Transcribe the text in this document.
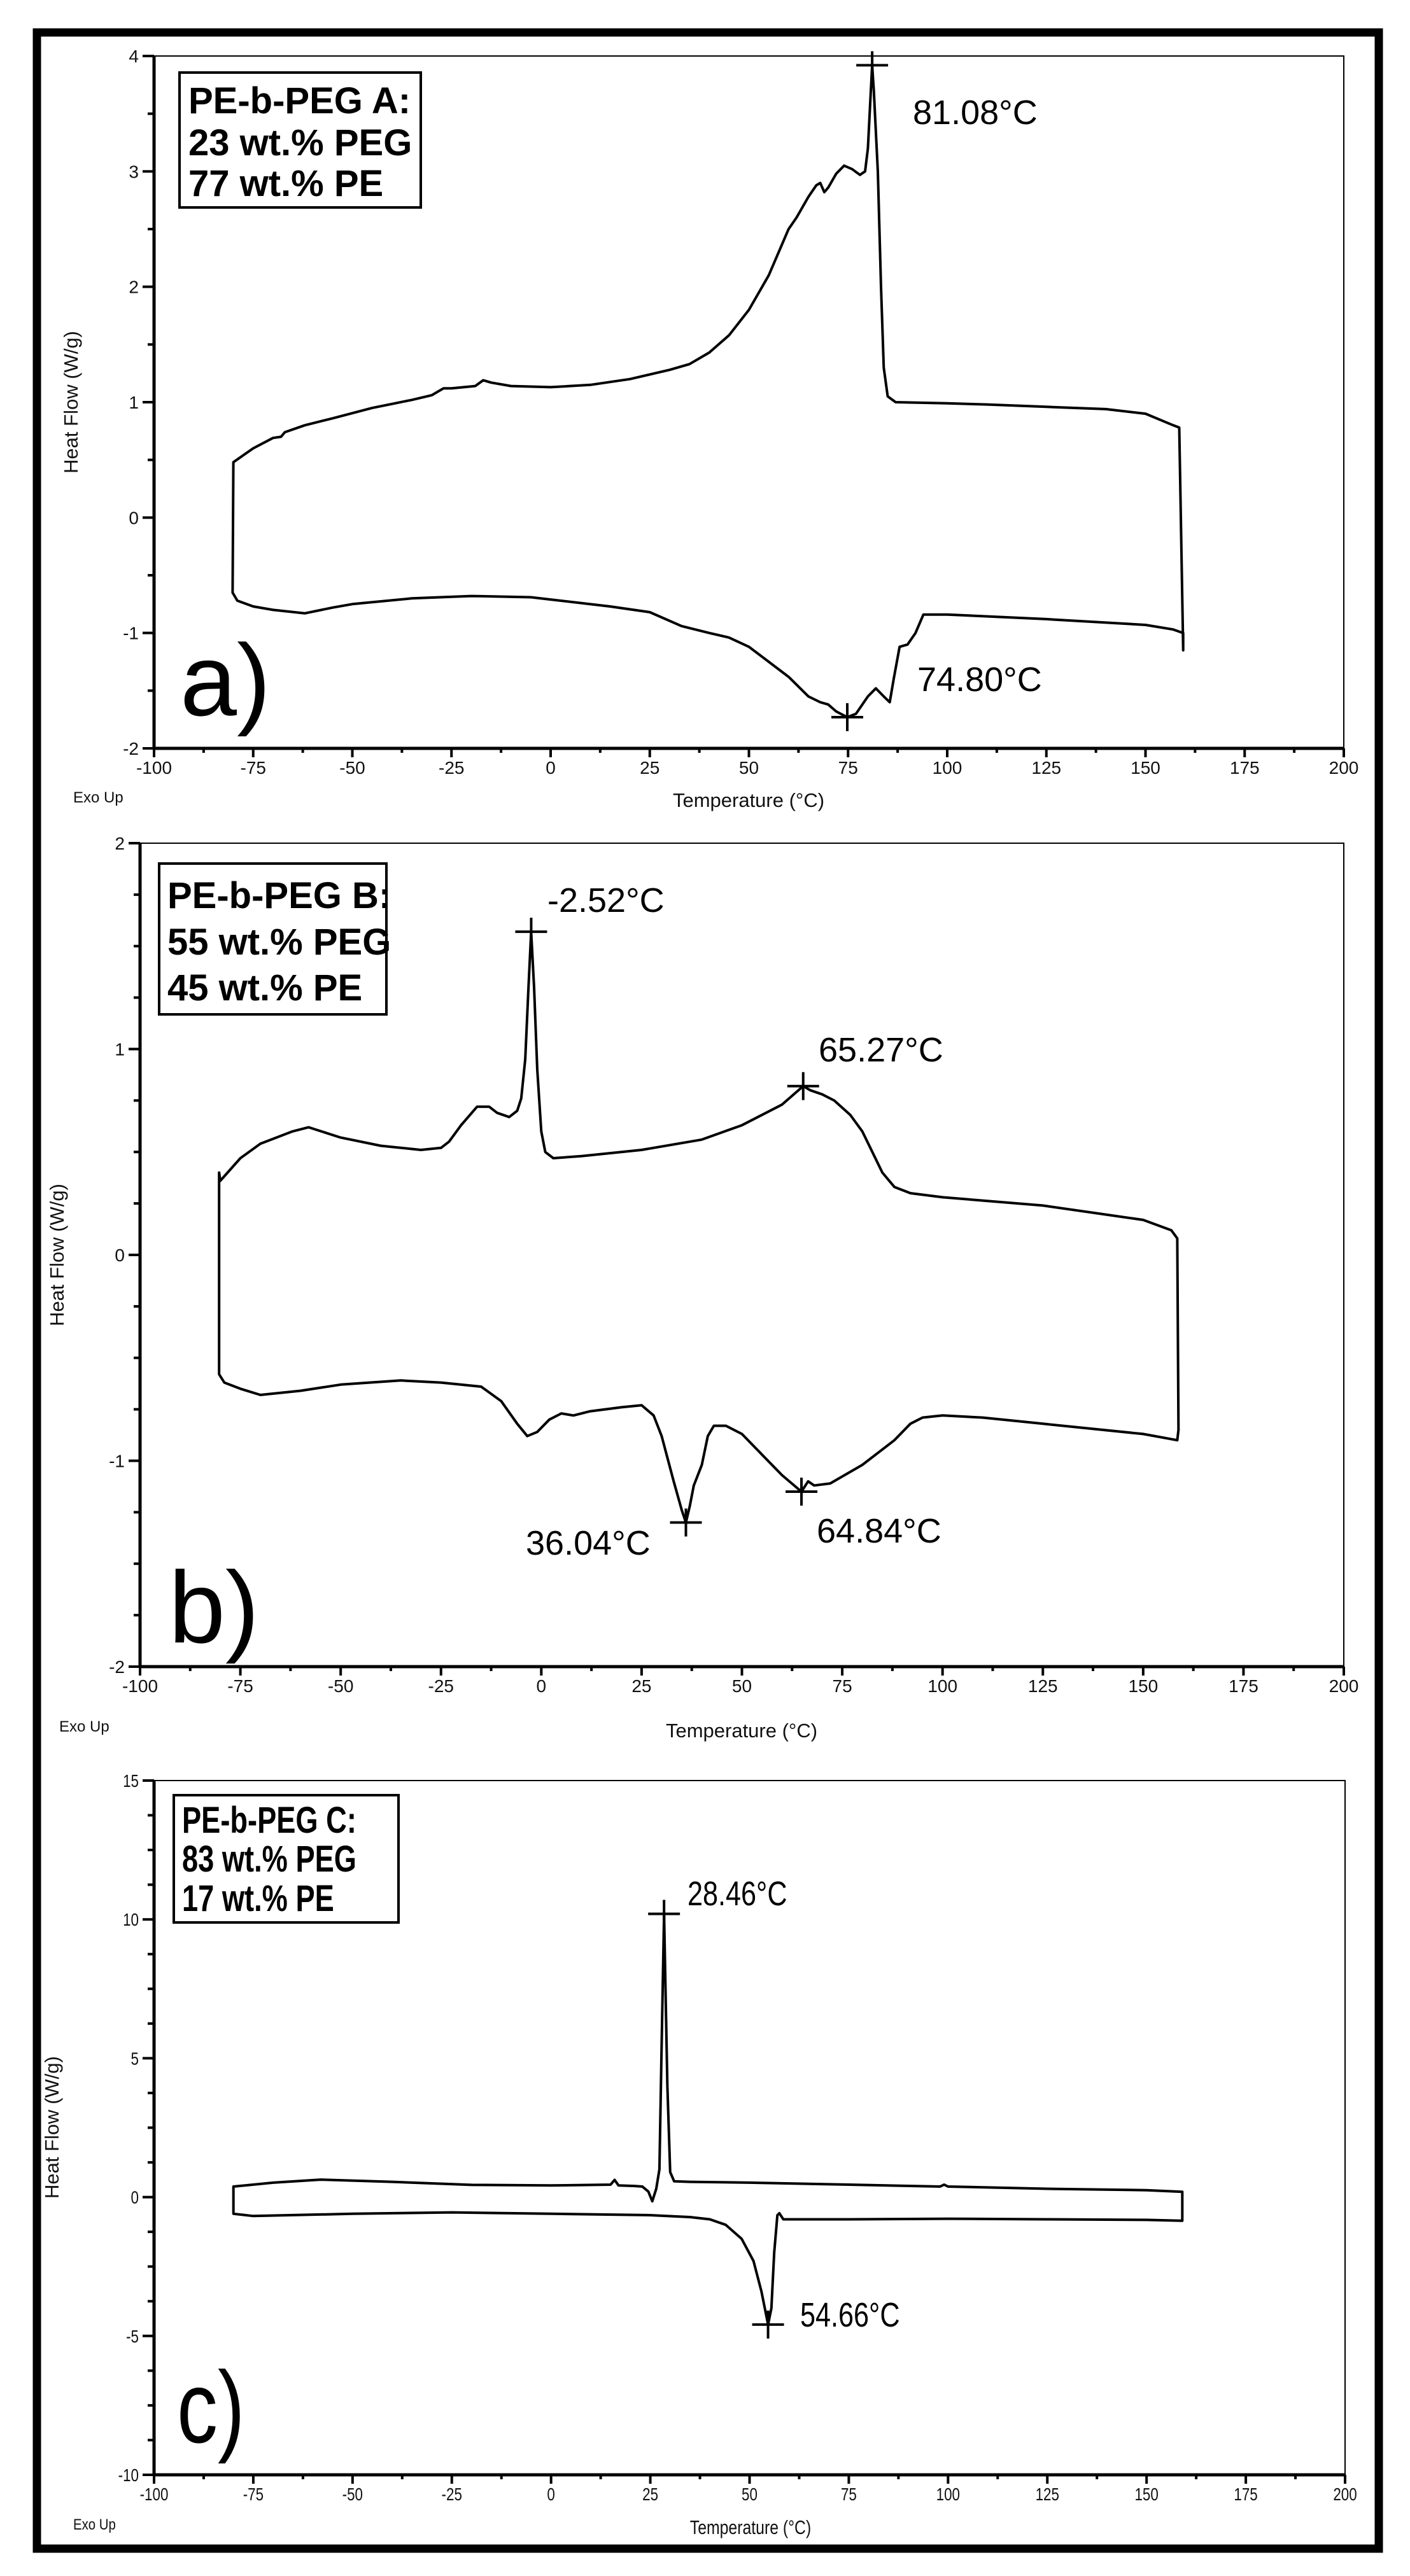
PE-b-PEG A:
23 wt.% PEG
77 wt.% PE
81.08°C
74.80°C
a)
Temperature (°C)
Heat Flow (W/g)
Exo Up
PE-b-PEG B:
55 wt.% PEG
45 wt.% PE
-2.52°C
65.27°C
36.04°C	64.84°C
b)
Temperature (°C)
Heat Flow (W/g)
Exo Up
PE-b-PEG C:
83 wt.% PEG
17 wt.% PE	28.46°C
54.66°C
c)
Temperature (°C)
Heat Flow (W/g)
Exo Up
-100	-75	-50	-25	0	25	50	75	100	125	150	175	200
-2
-1
0
1
2
3
4
-100	-75	-50	-25	0	25	50	75	100	125	150	175	200
-2
-1
0
1
2
-100	-75	-50	-25	0	25	50	75	100	125	150	175	200
-10
-5
0
5
10
15
